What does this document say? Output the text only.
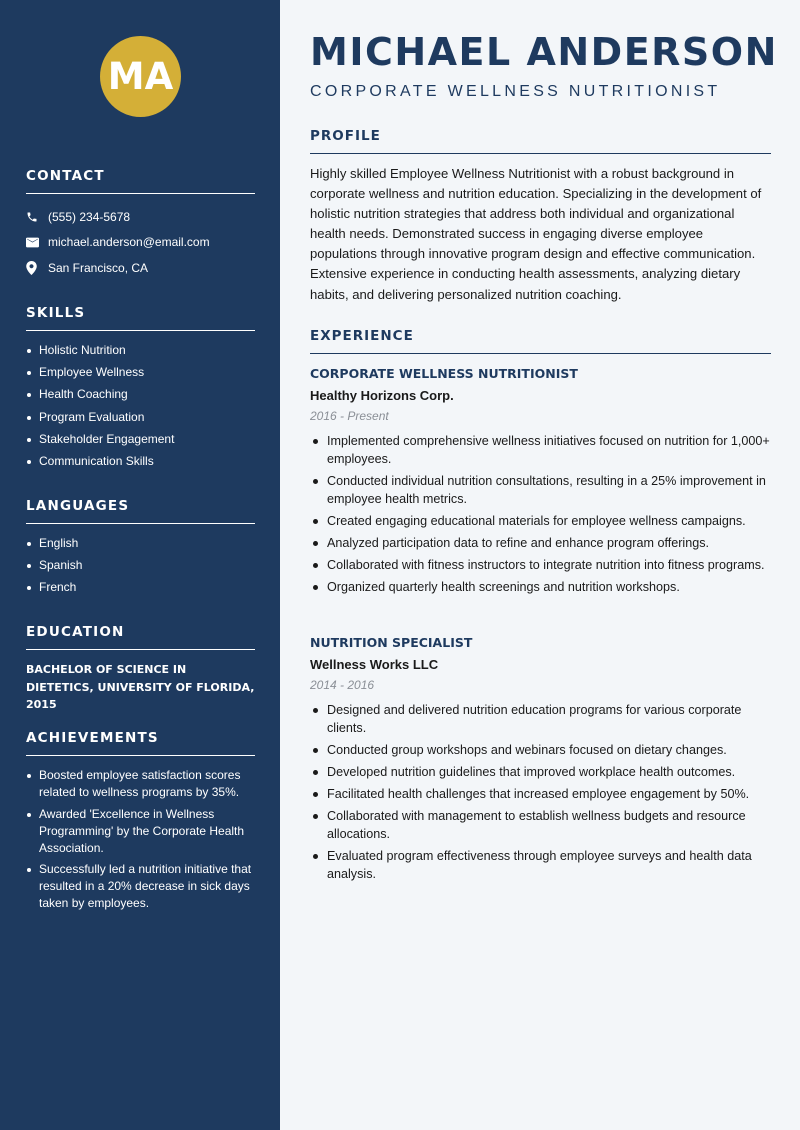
MA
CONTACT
(555) 234-5678
michael.anderson@email.com
San Francisco, CA
SKILLS
Holistic Nutrition
Employee Wellness
Health Coaching
Program Evaluation
Stakeholder Engagement
Communication Skills
LANGUAGES
English
Spanish
French
EDUCATION
BACHELOR OF SCIENCE IN DIETETICS, UNIVERSITY OF FLORIDA, 2015
ACHIEVEMENTS
Boosted employee satisfaction scores related to wellness programs by 35%.
Awarded 'Excellence in Wellness Programming' by the Corporate Health Association.
Successfully led a nutrition initiative that resulted in a 20% decrease in sick days taken by employees.
MICHAEL ANDERSON
CORPORATE WELLNESS NUTRITIONIST
PROFILE
Highly skilled Employee Wellness Nutritionist with a robust background in corporate wellness and nutrition education. Specializing in the development of holistic nutrition strategies that address both individual and organizational health needs. Demonstrated success in engaging diverse employee populations through innovative program design and effective communication. Extensive experience in conducting health assessments, analyzing dietary habits, and delivering personalized nutrition coaching.
EXPERIENCE
CORPORATE WELLNESS NUTRITIONIST
Healthy Horizons Corp.
2016 - Present
Implemented comprehensive wellness initiatives focused on nutrition for 1,000+ employees.
Conducted individual nutrition consultations, resulting in a 25% improvement in employee health metrics.
Created engaging educational materials for employee wellness campaigns.
Analyzed participation data to refine and enhance program offerings.
Collaborated with fitness instructors to integrate nutrition into fitness programs.
Organized quarterly health screenings and nutrition workshops.
NUTRITION SPECIALIST
Wellness Works LLC
2014 - 2016
Designed and delivered nutrition education programs for various corporate clients.
Conducted group workshops and webinars focused on dietary changes.
Developed nutrition guidelines that improved workplace health outcomes.
Facilitated health challenges that increased employee engagement by 50%.
Collaborated with management to establish wellness budgets and resource allocations.
Evaluated program effectiveness through employee surveys and health data analysis.
